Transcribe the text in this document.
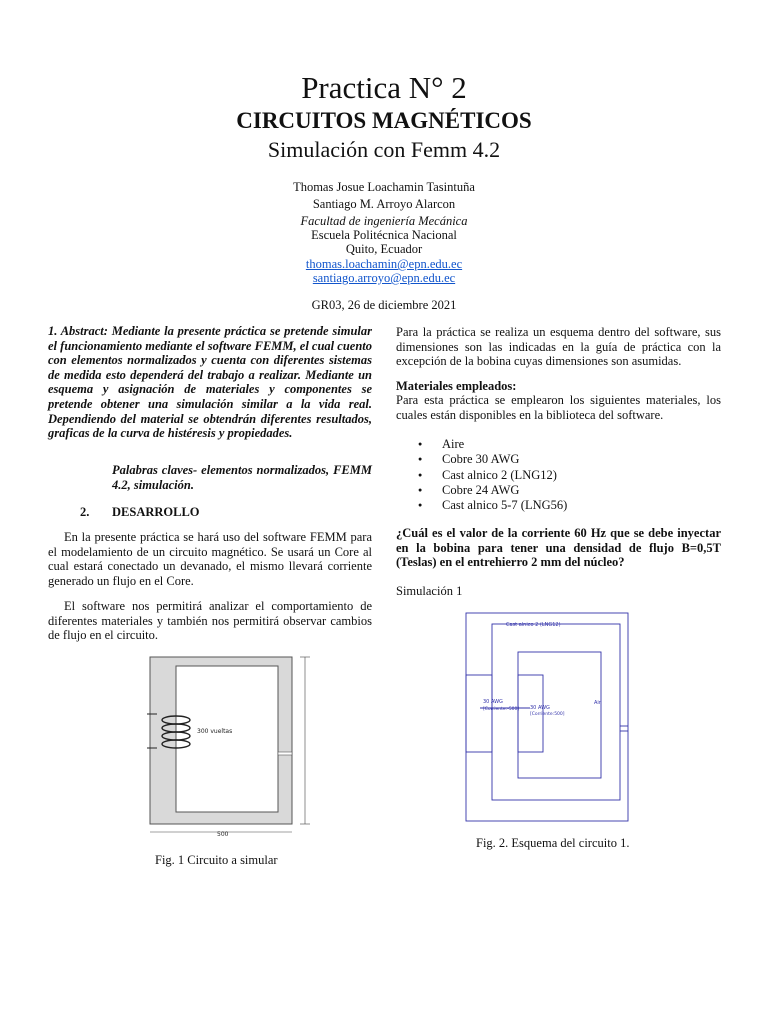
Practica N° 2
CIRCUITOS MAGNÉTICOS
Simulación con Femm 4.2
Thomas Josue Loachamin Tasintuña
Santiago M. Arroyo Alarcon
Facultad de ingeniería Mecánica
Escuela Politécnica Nacional
Quito, Ecuador
thomas.loachamin@epn.edu.ec
santiago.arroyo@epn.edu.ec
GR03, 26 de diciembre 2021

1. Abstract: Mediante la presente práctica se pretende simular el funcionamiento mediante el software FEMM, el cual cuento con elementos normalizados y cuenta con diferentes sistemas de medida esto dependerá del trabajo a realizar. Mediante un esquema y asignación de materiales y componentes se pretende obtener una simulación similar a la vida real. Dependiendo del material se obtendrán diferentes resultados, graficas de la curva de histéresis y propiedades.

Palabras claves- elementos normalizados, FEMM 4.2, simulación.
2. DESARROLLO

En la presente práctica se hará uso del software FEMM para el modelamiento de un circuito magnético. Se usará un Core al cual estará conectado un devanado, el mismo llevará corriente generado un flujo en el Core.

El software nos permitirá analizar el comportamiento de diferentes materiales y también nos permitirá observar cambios de flujo en el circuito.

300 vueltas
500
Fig. 1 Circuito a simular

Para la práctica se realiza un esquema dentro del software, sus dimensiones son las indicadas en la guía de práctica con la excepción de la bobina cuyas dimensiones son asumidas.

Materiales empleados:

Para esta práctica se emplearon los siguientes materiales, los cuales están disponibles en la biblioteca del software.

● Aire
● Cobre 30 AWG
● Cast alnico 2 (LNG12)
● Cobre 24 AWG
● Cast alnico 5-7 (LNG56)
¿Cuál es el valor de la corriente 60 Hz que se debe inyectar en la bobina para tener una densidad de flujo B=0,5T (Teslas) en el entrehierro 2 mm del núcleo?
Simulación 1
Cast alnico 2 (LNG12)
30 AWG
[Corriente:-500] 30 AWG
[Corriente:500]
Air
Fig. 2. Esquema del circuito 1.
